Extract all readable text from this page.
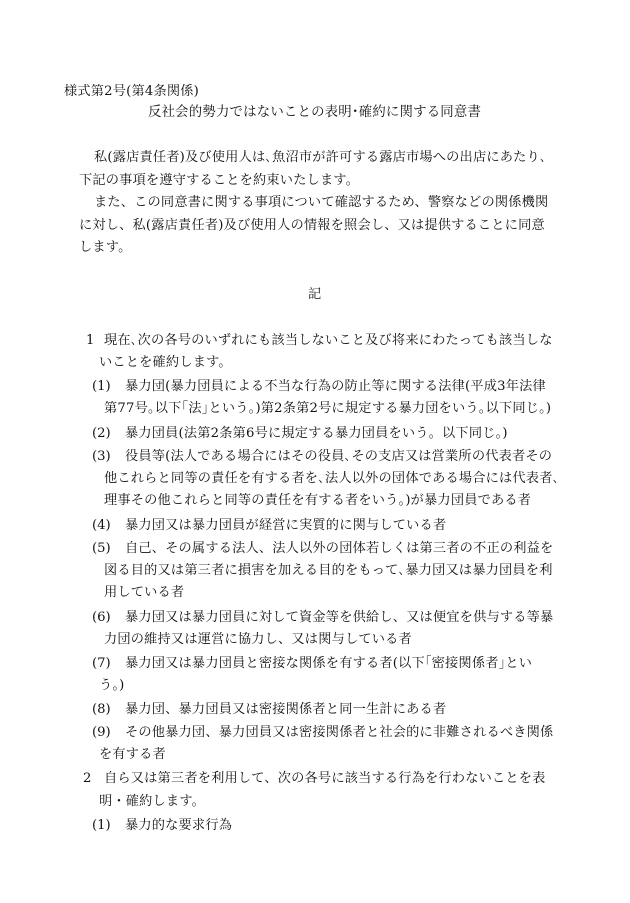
様式第2号(第4条関係)
反社会的勢力ではないことの表明･確約に関する同意書
私(露店責任者)及び使用人は､魚沼市が許可する露店市場への出店にあたり､
下記の事項を遵守することを約束いたします。
また、この同意書に関する事項について確認するため、警察などの関係機関
に対し、私(露店責任者)及び使用人の情報を照会し、又は提供することに同意
します。
記
1 現在､次の各号のいずれにも該当しないこと及び将来にわたっても該当しな
いことを確約します。
(1) 暴力団(暴力団員による不当な行為の防止等に関する法律(平成3年法律
第77号｡以下｢法｣という｡)第2条第2号に規定する暴力団をいう｡以下同じ｡)
(2) 暴力団員(法第2条第6号に規定する暴力団員をいう。以下同じ。)
(3) 役員等(法人である場合にはその役員､その支店又は営業所の代表者その
他これらと同等の責任を有する者を､法人以外の団体である場合には代表者､
理事その他これらと同等の責任を有する者をいう｡)が暴力団員である者
(4) 暴力団又は暴力団員が経営に実質的に関与している者
(5) 自己、その属する法人、法人以外の団体若しくは第三者の不正の利益を
図る目的又は第三者に損害を加える目的をもって､暴力団又は暴力団員を利
用している者
(6) 暴力団又は暴力団員に対して資金等を供給し、又は便宜を供与する等暴
力団の維持又は運営に協力し、又は関与している者
(7) 暴力団又は暴力団員と密接な関係を有する者(以下｢密接関係者｣とい
う｡)
(8) 暴力団、暴力団員又は密接関係者と同一生計にある者
(9) その他暴力団、暴力団員又は密接関係者と社会的に非難されるべき関係
を有する者
2 自ら又は第三者を利用して、次の各号に該当する行為を行わないことを表
明・確約します。
(1) 暴力的な要求行為
